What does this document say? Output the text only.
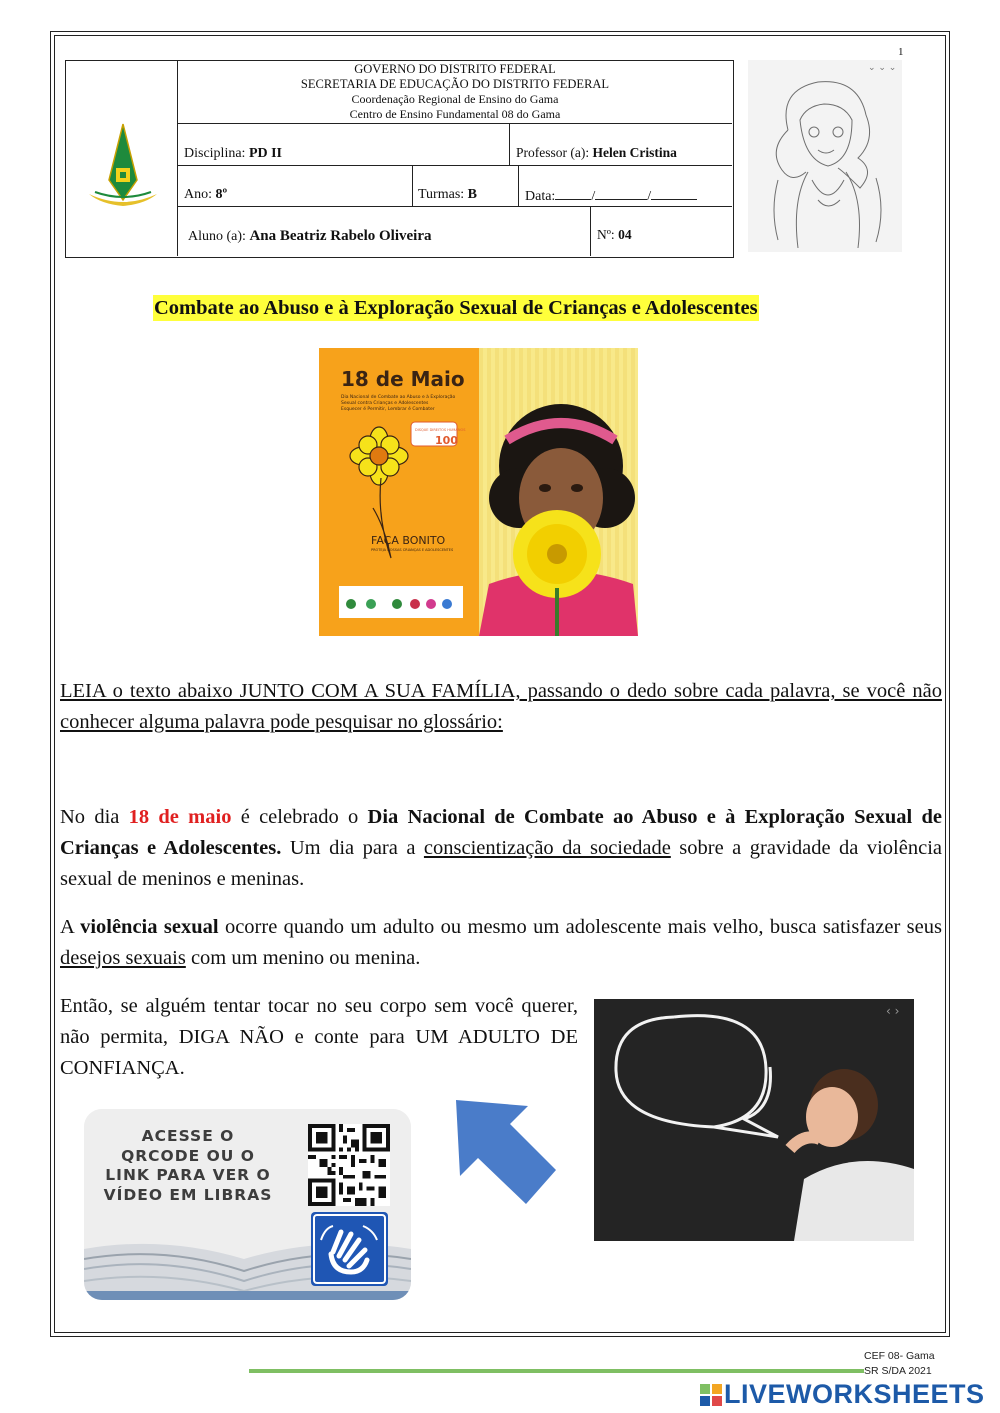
GOVERNO DO DISTRITO FEDERAL
SECRETARIA DE EDUCAÇÃO DO DISTRITO FEDERAL
Coordenação Regional de Ensino do Gama
Centro de Ensino Fundamental 08 do Gama
Disciplina: PD II	Professor (a): Helen Cristina
Ano: 8º	Turmas: B	Data:	/	/
Aluno (a): Ana Beatriz Rabelo Oliveira	Nº: 04
⌄ ⌄ ⌄
1
Combate ao Abuso e à Exploração Sexual de Crianças e Adolescentes
18 de Maio
Dia Nacional de Combate ao Abuso e à Exploração
Sexual contra Crianças e Adolescentes
Esquecer é Permitir, Lembrar é Combater
DISQUE DIREITOS HUMANOS
100
FAÇA BONITO
PROTEJA NOSSAS CRIANÇAS E ADOLESCENTES
LEIA o texto abaixo JUNTO COM A SUA FAMÍLIA, passando o dedo sobre cada palavra, se você não conhecer alguma palavra pode pesquisar no glossário:
No dia 18 de maio é celebrado o Dia Nacional de Combate ao Abuso e à Exploração Sexual de Crianças e Adolescentes. Um dia para a conscientização da sociedade sobre a gravidade da violência sexual de meninos e meninas.
A violência sexual ocorre quando um adulto ou mesmo um adolescente mais velho, busca satisfazer seus desejos sexuais com um menino ou menina.
Então, se alguém tentar tocar no seu corpo sem você querer, não permita, DIGA NÃO e conte para UM ADULTO DE CONFIANÇA.
‹ ›
ACESSE O QRCODE OU O LINK PARA VER O VÍDEO EM LIBRAS
CEF 08- Gama
SR S/DA 2021
LIVEWORKSHEETS
